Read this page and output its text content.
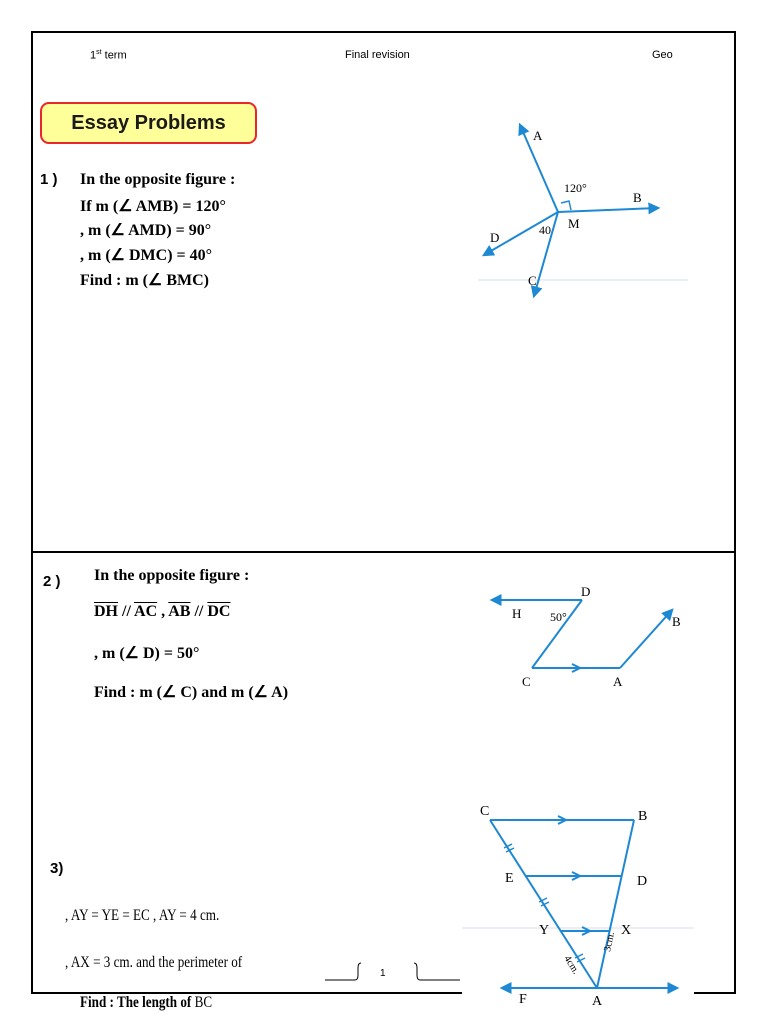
1st term	Final revision	Geo
Essay Problems
1 ) In the opposite figure :
If m (∠ AMB) = 120°
, m (∠ AMD) = 90°
, m (∠ DMC) = 40°
Find : m (∠ BMC)
A
B
D
C
M
120°
40
2 ) In the opposite figure :
$\overline{DH} // \overline{AC}$ , $\overline{AB} // \overline{DC}$
, m (∠ D) = 50°
Find : m (∠ C) and m (∠ A)
H
D
B
C	A
50°
3)
, AY = YE = EC , AY = 4 cm.
, AX = 3 cm. and the perimeter of
Find : The length of $\overline{BC}$
1
C	B
E	D
Y	X
F	A
4cm.
3cm.
